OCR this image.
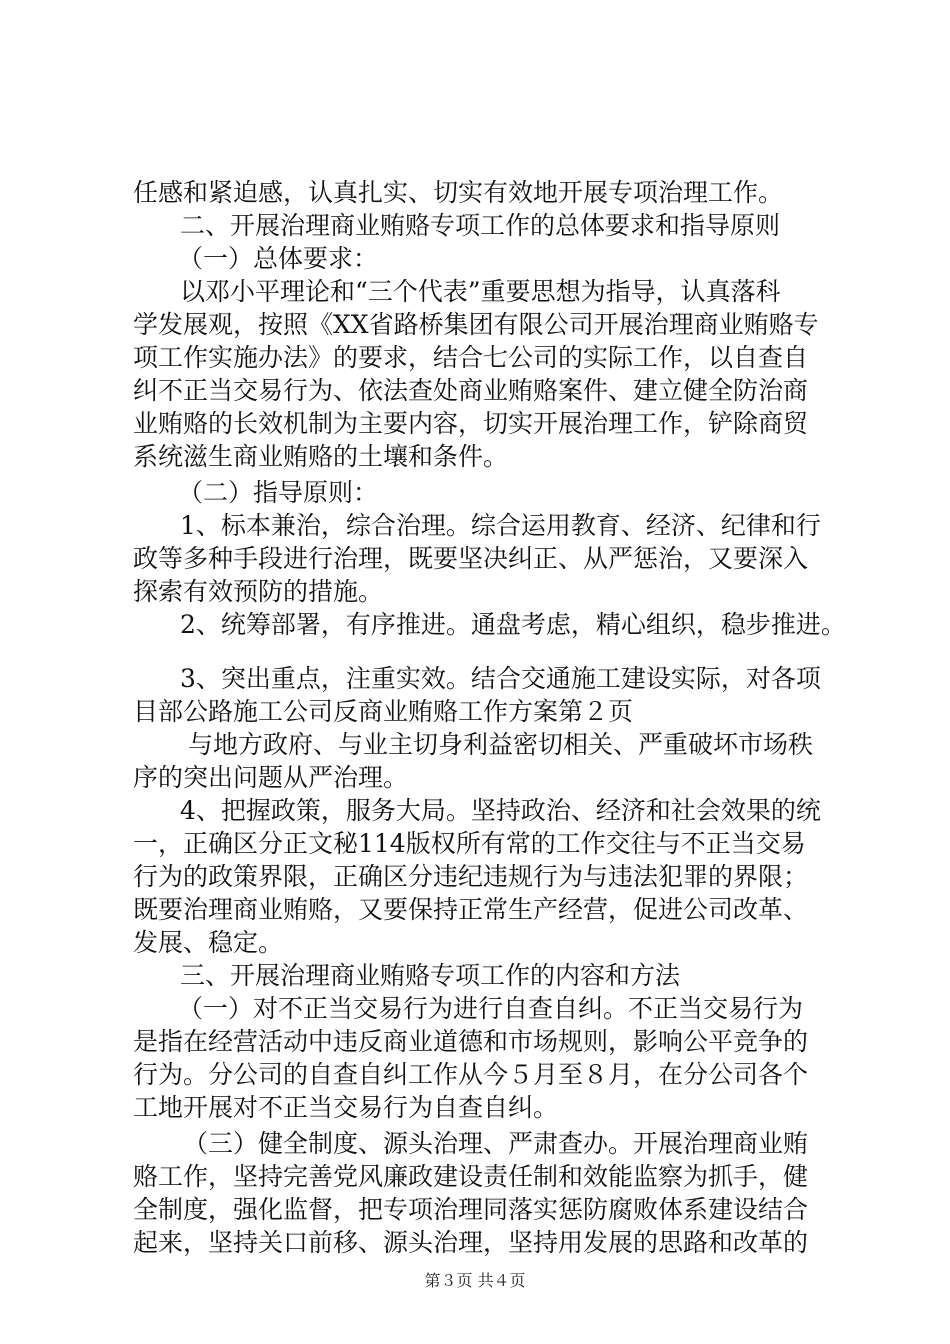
任感和紧迫感，认真扎实、切实有效地开展专项治理工作。
二、开展治理商业贿赂专项工作的总体要求和指导原则
（一）总体要求：
以邓小平理论和“三个代表”重要思想为指导，认真落科
学发展观，按照《XX省路桥集团有限公司开展治理商业贿赂专
项工作实施办法》的要求，结合七公司的实际工作，以自查自
纠不正当交易行为、依法查处商业贿赂案件、建立健全防治商
业贿赂的长效机制为主要内容，切实开展治理工作，铲除商贸
系统滋生商业贿赂的土壤和条件。
（二）指导原则：
1、标本兼治，综合治理。综合运用教育、经济、纪律和行
政等多种手段进行治理，既要坚决纠正、从严惩治，又要深入
探索有效预防的措施。
2、统筹部署，有序推进。通盘考虑，精心组织，稳步推进。
3、突出重点，注重实效。结合交通施工建设实际，对各项
目部公路施工公司反商业贿赂工作方案第２页
与地方政府、与业主切身利益密切相关、严重破坏市场秩
序的突出问题从严治理。
4、把握政策，服务大局。坚持政治、经济和社会效果的统
一，正确区分正文秘114版权所有常的工作交往与不正当交易
行为的政策界限，正确区分违纪违规行为与违法犯罪的界限；
既要治理商业贿赂，又要保持正常生产经营，促进公司改革、
发展、稳定。
三、开展治理商业贿赂专项工作的内容和方法
（一）对不正当交易行为进行自查自纠。不正当交易行为
是指在经营活动中违反商业道德和市场规则，影响公平竞争的
行为。分公司的自查自纠工作从今５月至８月，在分公司各个
工地开展对不正当交易行为自查自纠。
（三）健全制度、源头治理、严肃查办。开展治理商业贿
赂工作，坚持完善党风廉政建设责任制和效能监察为抓手，健
全制度，强化监督，把专项治理同落实惩防腐败体系建设结合
起来，坚持关口前移、源头治理，坚持用发展的思路和改革的
第３页 共４页
